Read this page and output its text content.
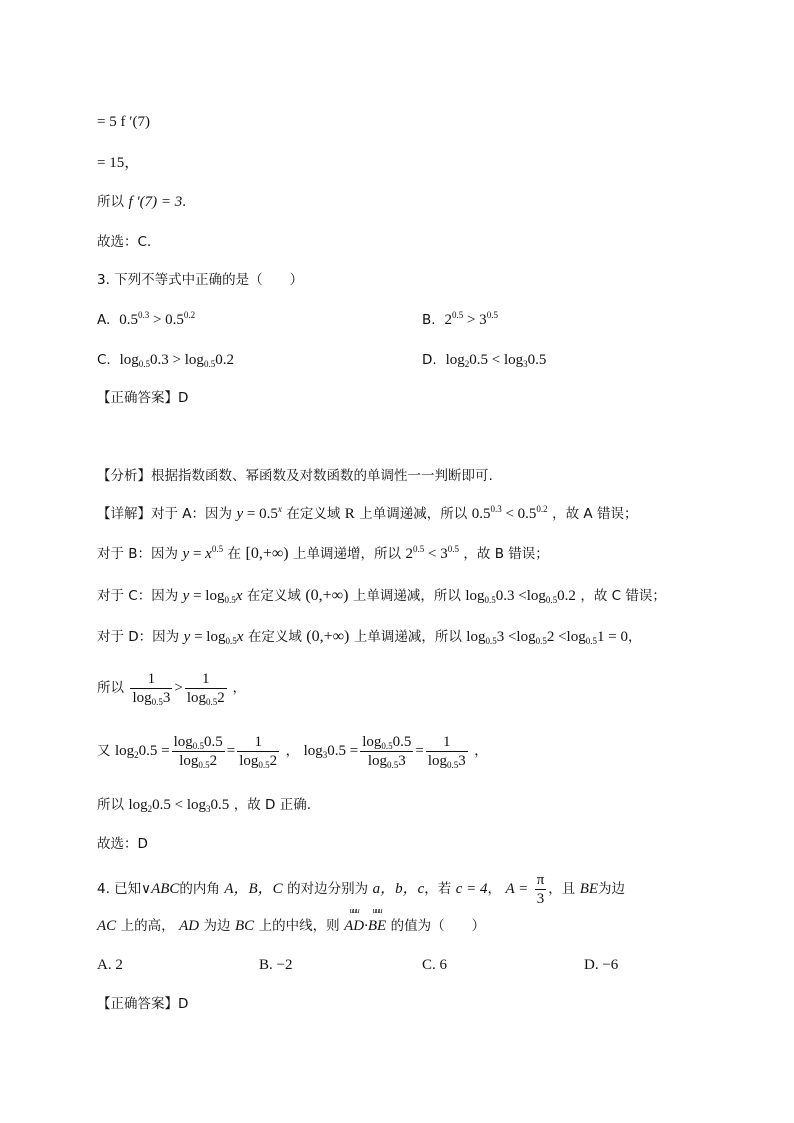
= 5 f ′(7)
= 15，
所以 f ′(7) = 3.
故选：C.
3. 下列不等式中正确的是（　　）
A. $0.5^{0.3} > 0.5^{0.2}$	B. $2^{0.5} > 3^{0.5}$
C. $\log_{0.5}0.3 > \log_{0.5}0.2$	D. $\log_20.5 < \log_30.5$
【正确答案】D
【分析】根据指数函数、幂函数及对数函数的单调性一一判断即可.
【详解】对于 A：因为 $y = 0.5^x$ 在定义域 R 上单调递减，所以 $0.5^{0.3} < 0.5^{0.2}$ ，故 A 错误；
对于 B：因为 $y = x^{0.5}$ 在 [0,+∞) 上单调递增，所以 $2^{0.5} < 3^{0.5}$ ，故 B 错误；
对于 C：因为 $y = \log_{0.5}x$ 在定义域 (0,+∞) 上单调递减，所以 $\log_{0.5}0.3 <\log_{0.5}0.2$ ，故 C 错误；
对于 D：因为 $y = \log_{0.5}x$ 在定义域 (0,+∞) 上单调递减，所以 $\log_{0.5}3 <\log_{0.5}2 <\log_{0.5}1 = 0$，
所以 $\frac{1}{\log_{0.5}3} > \frac{1}{\log_{0.5}2}$ ，
又 $\log_20.5 = \frac{\log_{0.5}0.5}{\log_{0.5}2} = \frac{1}{\log_{0.5}2}$ ， $\log_30.5 = \frac{\log_{0.5}0.5}{\log_{0.5}3} = \frac{1}{\log_{0.5}3}$ ，
所以 $\log_20.5 < \log_30.5$ ，故 D 正确.
故选：D
4. 已知∨ABC的内角 A，B，C 的对边分别为 a，b，c，若 c = 4， $A = \frac{\pi}{3}$ ，且 BE为边
AC 上的高， AD 为边 BC 上的中线，则
uuu
AD·
uuu
BE 的值为（　　）
A. 2	B. −2	C. 6	D. −6
【正确答案】D
